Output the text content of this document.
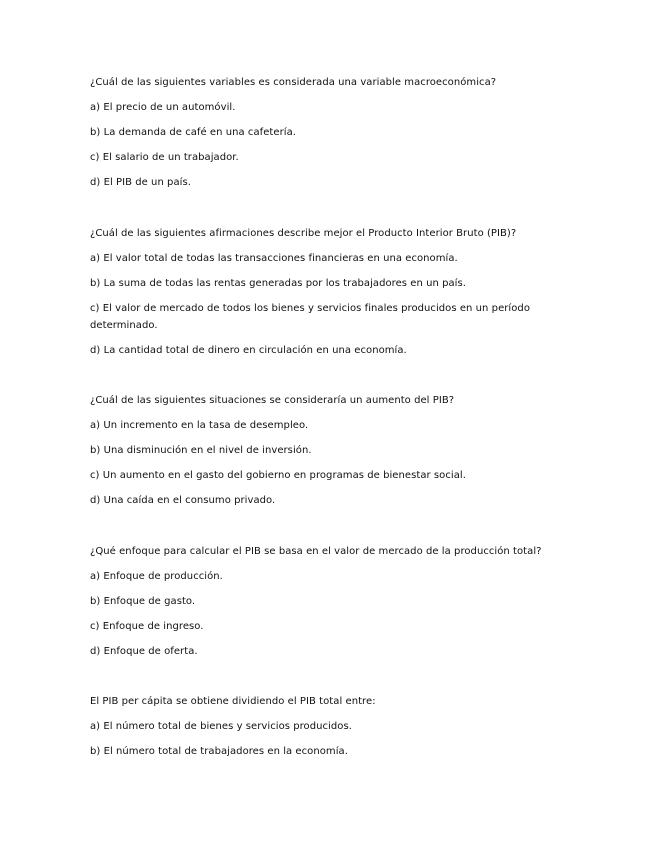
¿Cuál de las siguientes variables es considerada una variable macroeconómica?
a) El precio de un automóvil.
b) La demanda de café en una cafetería.
c) El salario de un trabajador.
d) El PIB de un país.
¿Cuál de las siguientes afirmaciones describe mejor el Producto Interior Bruto (PIB)?
a) El valor total de todas las transacciones financieras en una economía.
b) La suma de todas las rentas generadas por los trabajadores en un país.
c) El valor de mercado de todos los bienes y servicios finales producidos en un período
determinado.
d) La cantidad total de dinero en circulación en una economía.
¿Cuál de las siguientes situaciones se consideraría un aumento del PIB?
a) Un incremento en la tasa de desempleo.
b) Una disminución en el nivel de inversión.
c) Un aumento en el gasto del gobierno en programas de bienestar social.
d) Una caída en el consumo privado.
¿Qué enfoque para calcular el PIB se basa en el valor de mercado de la producción total?
a) Enfoque de producción.
b) Enfoque de gasto.
c) Enfoque de ingreso.
d) Enfoque de oferta.
El PIB per cápita se obtiene dividiendo el PIB total entre:
a) El número total de bienes y servicios producidos.
b) El número total de trabajadores en la economía.
